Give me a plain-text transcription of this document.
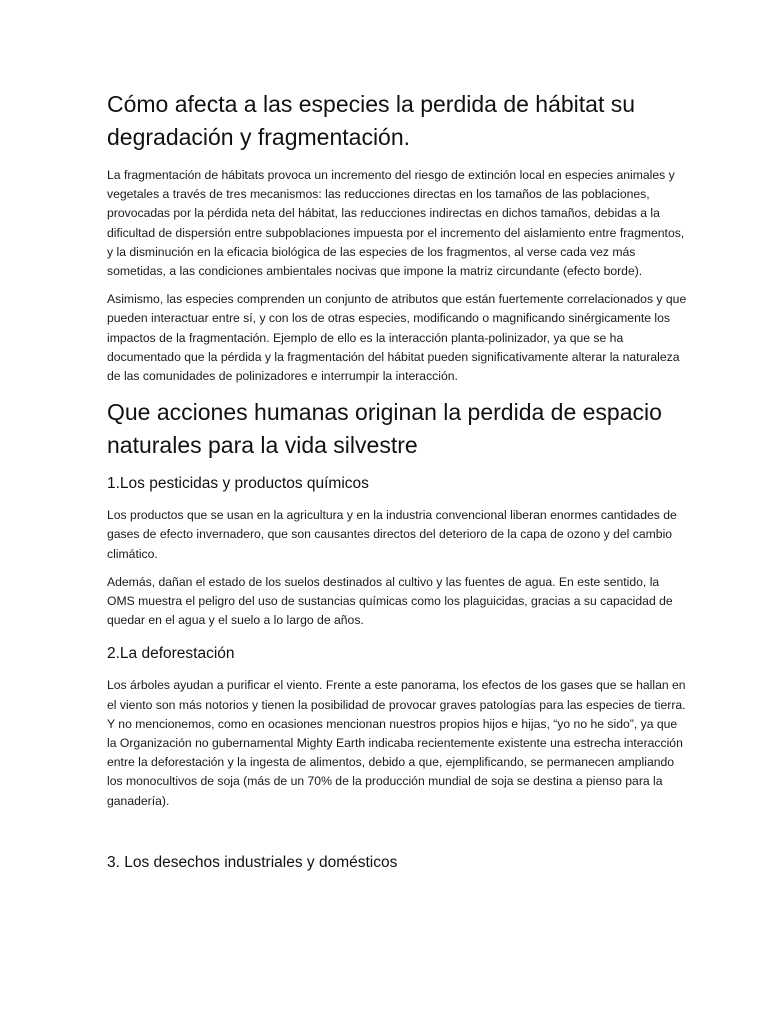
Cómo afecta a las especies la perdida de hábitat su degradación y fragmentación.

La fragmentación de hábitats provoca un incremento del riesgo de extinción local en especies animales y vegetales a través de tres mecanismos: las reducciones directas en los tamaños de las poblaciones, provocadas por la pérdida neta del hábitat, las reducciones indirectas en dichos tamaños, debidas a la dificultad de dispersión entre subpoblaciones impuesta por el incremento del aislamiento entre fragmentos, y la disminución en la eficacia biológica de las especies de los fragmentos, al verse cada vez más sometidas, a las condiciones ambientales nocivas que impone la matriz circundante (efecto borde).

Asimismo, las especies comprenden un conjunto de atributos que están fuertemente correlacionados y que pueden interactuar entre sí, y con los de otras especies, modificando o magnificando sinérgicamente los impactos de la fragmentación. Ejemplo de ello es la interacción planta-polinizador, ya que se ha documentado que la pérdida y la fragmentación del hábitat pueden significativamente alterar la naturaleza de las comunidades de polinizadores e interrumpir la interacción.

Que acciones humanas originan la perdida de espacio naturales para la vida silvestre
1.Los pesticidas y productos químicos

Los productos que se usan en la agricultura y en la industria convencional liberan enormes cantidades de gases de efecto invernadero, que son causantes directos del deterioro de la capa de ozono y del cambio climático.

Además, dañan el estado de los suelos destinados al cultivo y las fuentes de agua. En este sentido, la OMS muestra el peligro del uso de sustancias químicas como los plaguicidas, gracias a su capacidad de quedar en el agua y el suelo a lo largo de años.

2.La deforestación

Los árboles ayudan a purificar el viento. Frente a este panorama, los efectos de los gases que se hallan en el viento son más notorios y tienen la posibilidad de provocar graves patologías para las especies de tierra. Y no mencionemos, como en ocasiones mencionan nuestros propios hijos e hijas, “yo no he sido”, ya que la Organización no gubernamental Mighty Earth indicaba recientemente existente una estrecha interacción entre la deforestación y la ingesta de alimentos, debido a que, ejemplificando, se permanecen ampliando los monocultivos de soja (más de un 70% de la producción mundial de soja se destina a pienso para la ganadería).

3. Los desechos industriales y domésticos
